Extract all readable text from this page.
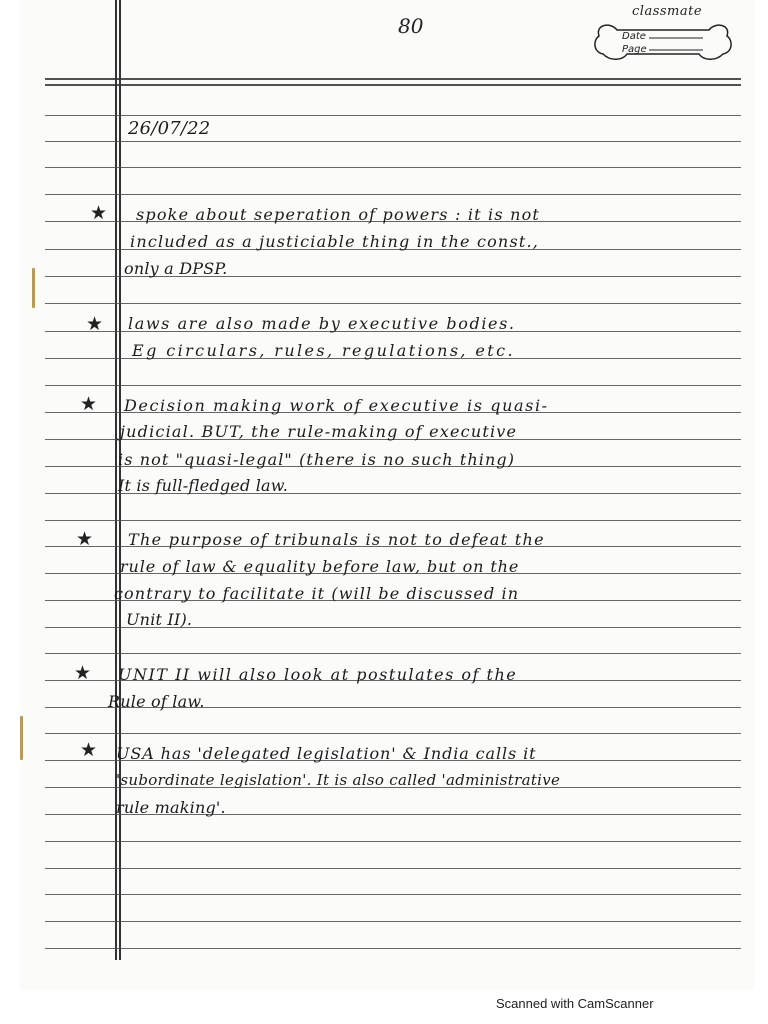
80
classmate
Date
Page
26/07/22
★ spoke about seperation of powers : it is not
included as a justiciable thing in the const.,
only a DPSP.
★ laws are also made by executive bodies.
Eg circulars, rules, regulations, etc.
★ Decision making work of executive is quasi-
judicial. BUT, the rule-making of executive
is not "quasi-legal" (there is no such thing)
It is full-fledged law.
★ The purpose of tribunals is not to defeat the
rule of law & equality before law, but on the
contrary to facilitate it (will be discussed in
Unit II).
★ UNIT II will also look at postulates of the
Rule of law.
★ USA has 'delegated legislation' & India calls it
'subordinate legislation'. It is also called 'administrative
rule making'.
Scanned with CamScanner
